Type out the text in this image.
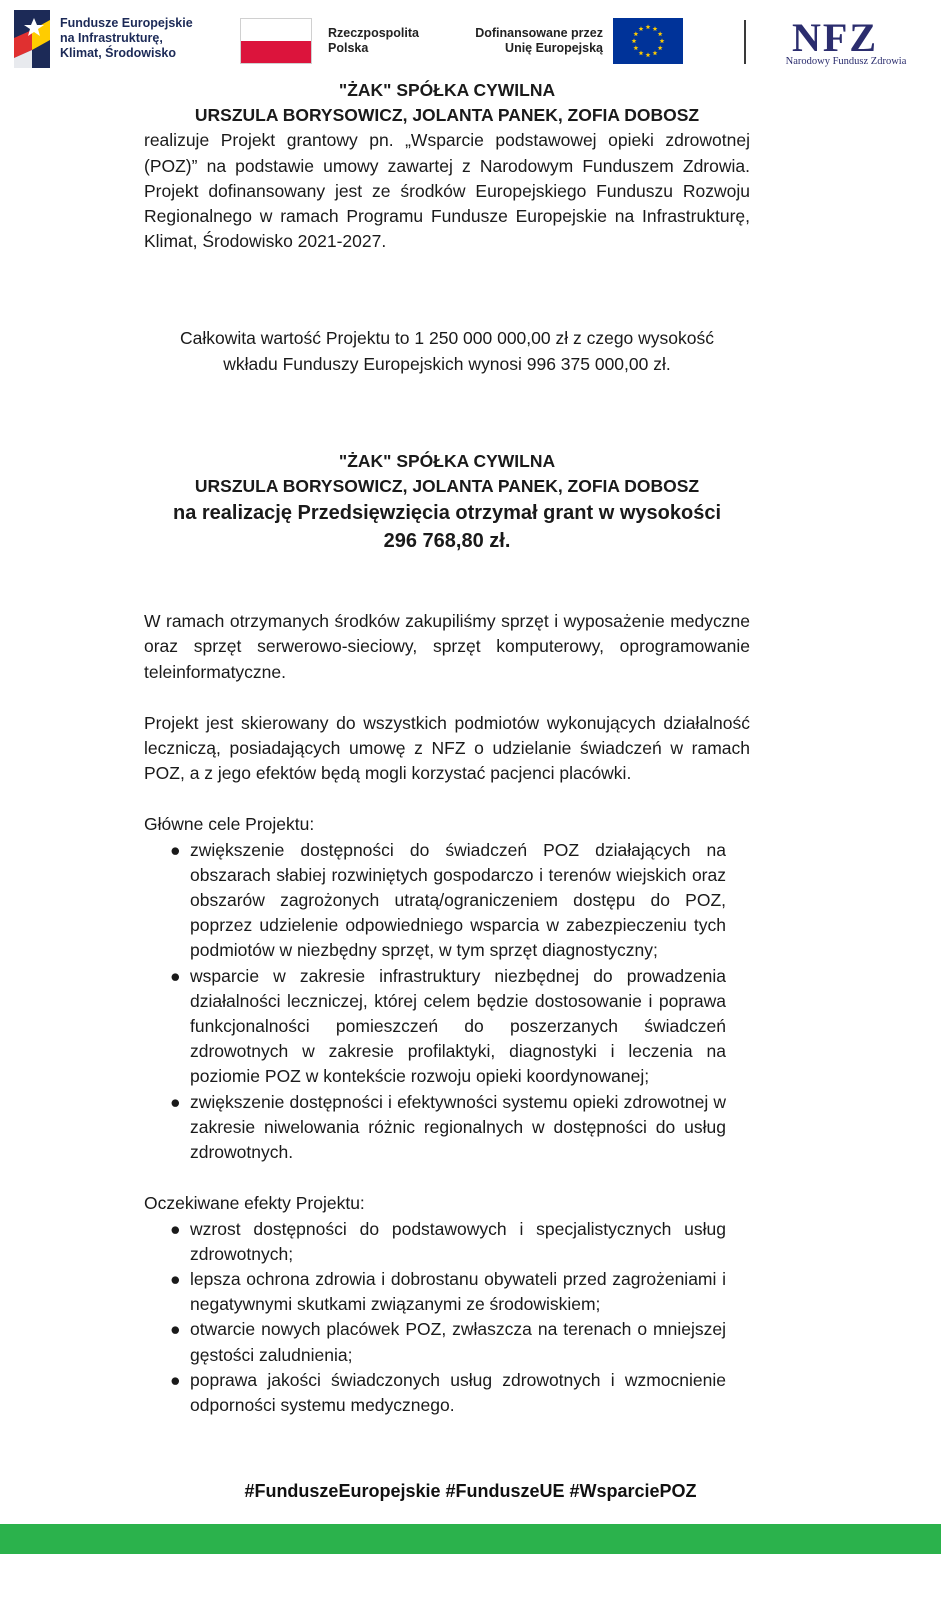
Fundusze Europejskie
na Infrastrukturę,
Klimat, Środowisko
Rzeczpospolita
Polska
Dofinansowane przez
Unię Europejską	NFZ
Narodowy Fundusz Zdrowia

"ŻAK" SPÓŁKA CYWILNA

URSZULA BORYSOWICZ, JOLANTA PANEK, ZOFIA DOBOSZ

realizuje Projekt grantowy pn. „Wsparcie podstawowej opieki zdrowotnej (POZ)” na podstawie umowy zawartej z Narodowym Funduszem Zdrowia. Projekt dofinansowany jest ze środków Europejskiego Funduszu Rozwoju Regionalnego w ramach Programu Fundusze Europejskie na Infrastrukturę, Klimat, Środowisko 2021-2027.

Całkowita wartość Projektu to 1 250 000 000,00 zł z czego wysokość wkładu Funduszy Europejskich wynosi 996 375 000,00 zł.

"ŻAK" SPÓŁKA CYWILNA

URSZULA BORYSOWICZ, JOLANTA PANEK, ZOFIA DOBOSZ

na realizację Przedsięwzięcia otrzymał grant w wysokości

296 768,80 zł.

W ramach otrzymanych środków zakupiliśmy sprzęt i wyposażenie medyczne oraz sprzęt serwerowo-sieciowy, sprzęt komputerowy, oprogramowanie teleinformatyczne.

Projekt jest skierowany do wszystkich podmiotów wykonujących działalność leczniczą, posiadających umowę z NFZ o udzielanie świadczeń w ramach POZ, a z jego efektów będą mogli korzystać pacjenci placówki.

Główne cele Projektu:

● zwiększenie dostępności do świadczeń POZ działających na obszarach słabiej rozwiniętych gospodarczo i terenów wiejskich oraz obszarów zagrożonych utratą/ograniczeniem dostępu do POZ, poprzez udzielenie odpowiedniego wsparcia w zabezpieczeniu tych podmiotów w niezbędny sprzęt, w tym sprzęt diagnostyczny;
● wsparcie w zakresie infrastruktury niezbędnej do prowadzenia działalności leczniczej, której celem będzie dostosowanie i poprawa funkcjonalności pomieszczeń do poszerzanych świadczeń zdrowotnych w zakresie profilaktyki, diagnostyki i leczenia na poziomie POZ w kontekście rozwoju opieki koordynowanej;
● zwiększenie dostępności i efektywności systemu opieki zdrowotnej w zakresie niwelowania różnic regionalnych w dostępności do usług zdrowotnych.

Oczekiwane efekty Projektu:

● wzrost dostępności do podstawowych i specjalistycznych usług zdrowotnych;
● lepsza ochrona zdrowia i dobrostanu obywateli przed zagrożeniami i negatywnymi skutkami związanymi ze środowiskiem;
● otwarcie nowych placówek POZ, zwłaszcza na terenach o mniejszej gęstości zaludnienia;
● poprawa jakości świadczonych usług zdrowotnych i wzmocnienie odporności systemu medycznego.
#FunduszeEuropejskie #FunduszeUE #WsparciePOZ
